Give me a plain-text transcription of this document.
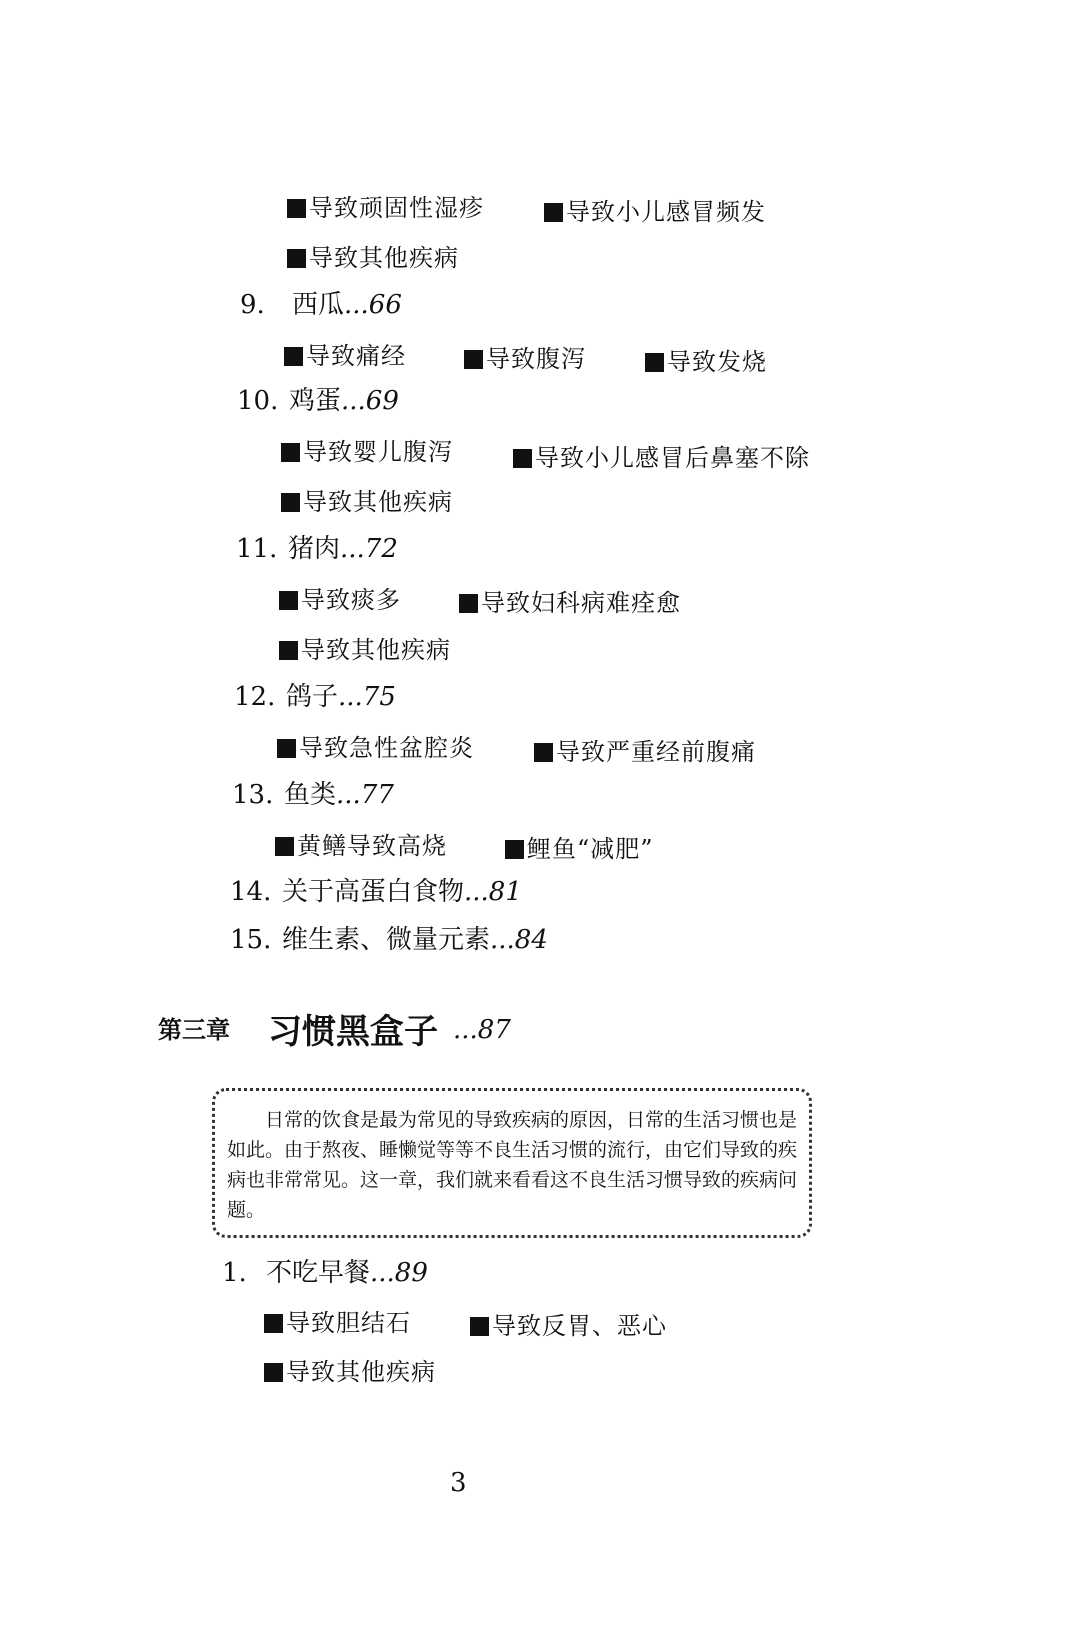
导致顽固性湿疹	导致小儿感冒频发
导致其他疾病
9. 西瓜...66
导致痛经	导致腹泻	导致发烧
10. 鸡蛋...69
导致婴儿腹泻	导致小儿感冒后鼻塞不除
导致其他疾病
11. 猪肉...72
导致痰多	导致妇科病难痊愈
导致其他疾病
12. 鸽子...75
导致急性盆腔炎	导致严重经前腹痛
13. 鱼类...77
黄鳝导致高烧	鲤鱼“减肥”
14. 关于高蛋白食物...81
15. 维生素、微量元素...84
第三章 习惯黑盒子 ...87
日常的饮食是最为常见的导致疾病的原因，日常的生活习惯也是如此。由于熬夜、睡懒觉等等不良生活习惯的流行，由它们导致的疾病也非常常见。这一章，我们就来看看这不良生活习惯导致的疾病问题。
1. 不吃早餐...89
导致胆结石	导致反胃、恶心
导致其他疾病
3
